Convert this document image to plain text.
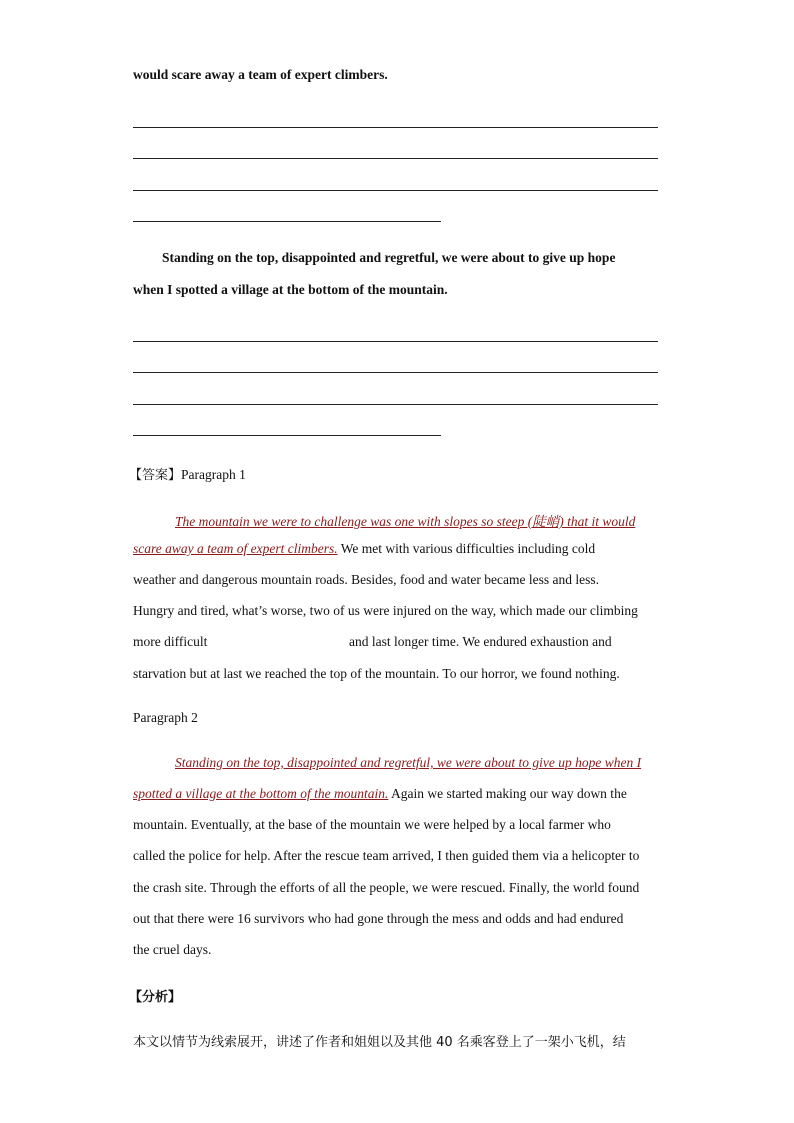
would scare away a team of expert climbers.
Standing on the top, disappointed and regretful, we were about to give up hope
when I spotted a village at the bottom of the mountain.
【答案】Paragraph 1
The mountain we were to challenge was one with slopes so steep (陡峭) that it would
scare away a team of expert climbers. We met with various difficulties including cold
weather and dangerous mountain roads. Besides, food and water became less and less.
Hungry and tired, what’s worse, two of us were injured on the way, which made our climbing
more difficult	and last longer time. We endured exhaustion and
starvation but at last we reached the top of the mountain. To our horror, we found nothing.
Paragraph 2
Standing on the top, disappointed and regretful, we were about to give up hope when I
spotted a village at the bottom of the mountain. Again we started making our way down the
mountain. Eventually, at the base of the mountain we were helped by a local farmer who
called the police for help. After the rescue team arrived, I then guided them via a helicopter to
the crash site. Through the efforts of all the people, we were rescued. Finally, the world found
out that there were 16 survivors who had gone through the mess and odds and had endured
the cruel days.
【分析】
本文以情节为线索展开，讲述了作者和姐姐以及其他 40 名乘客登上了一架小飞机，结
